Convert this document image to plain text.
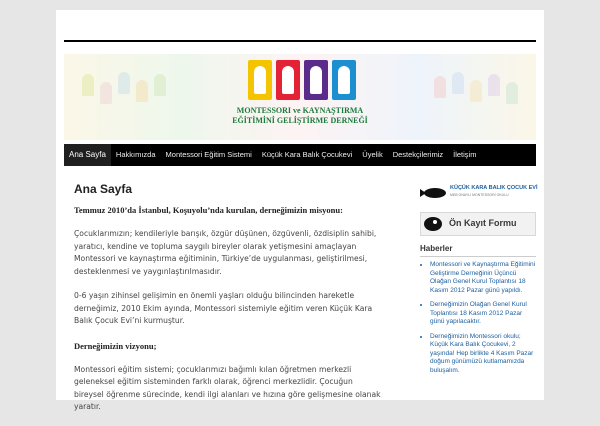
MONTESSORI ve KAYNAŞTIRMA
EĞİTİMİNİ GELİŞTİRME DERNEĞİ
Ana Sayfa	Hakkımızda	Montessori Eğitim Sistemi	Küçük Kara Balık Çocukevi	Üyelik	Destekçilerimiz	İletişim
Ana Sayfa

Temmuz 2010’da İstanbul, Koşuyolu’nda kurulan, derneğimizin misyonu:

Çocuklarımızın; kendileriyle barışık, özgür düşünen, özgüvenli, özdisiplin sahibi, yaratıcı, kendine ve topluma saygılı bireyler olarak yetişmesini amaçlayan Montessori ve kaynaştırma eğitiminin, Türkiye’de uygulanması, geliştirilmesi, desteklenmesi ve yaygınlaştırılmasıdır.

0-6 yaşın zihinsel gelişimin en önemli yaşları olduğu bilincinden hareketle derneğimiz, 2010 Ekim ayında, Montessori sistemiyle eğitim veren Küçük Kara Balık Çocuk Evi’ni kurmuştur.

Derneğimizin vizyonu;

Montessori eğitim sistemi; çocuklarımızı bağımlı kılan öğretmen merkezli geleneksel eğitim sisteminden farklı olarak, öğrenci merkezlidir. Çocuğun bireysel öğrenme sürecinde, kendi ilgi alanları ve hızına göre gelişmesine olanak yaratır.

KÜÇÜK KARA BALIK ÇOCUK EVİ
MEB ONAYLI MONTESSORİ OKULU
Ön Kayıt Formu
Haberler
• Montessori ve Kaynaştırma Eğitimini Geliştirme Derneğinin Üçüncü Olağan Genel Kurul Toplantısı 18 Kasım 2012 Pazar günü yapıldı.
• Derneğimizin Olağan Genel Kurul Toplantısı 18 Kasım 2012 Pazar günü yapılacaktır.
• Derneğimizin Montessori okulu; Küçük Kara Balık Çocukevi, 2 yaşında! Hep birlikte 4 Kasım Pazar doğum günümüzü kutlamamızda buluşalım.
